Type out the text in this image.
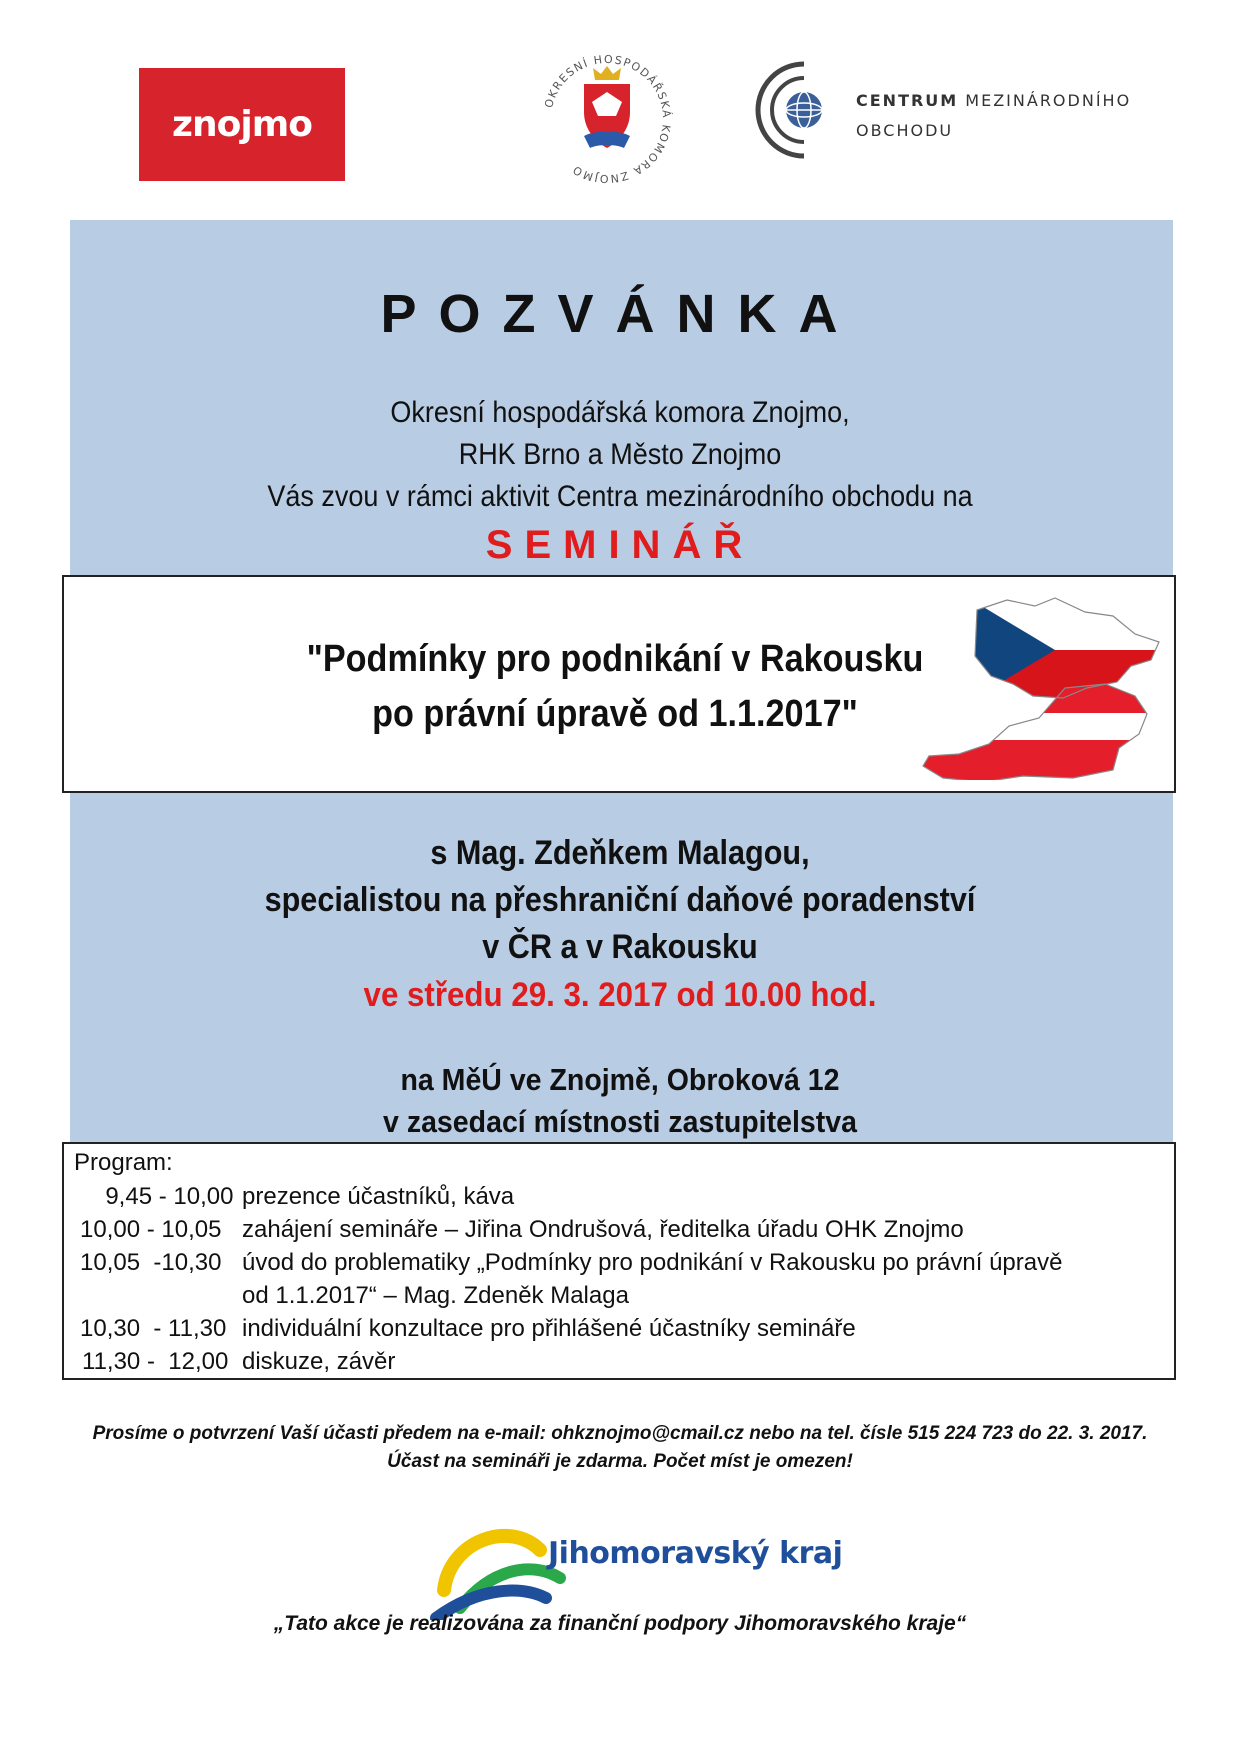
znojmo
OKRESNÍ HOSPODÁŘSKÁ KOMORA ZNOJMO
CENTRUM MEZINÁRODNÍHO
OBCHODU
POZVÁNKA
Okresní hospodářská komora Znojmo,
RHK Brno a Město Znojmo
Vás zvou v rámci aktivit Centra mezinárodního obchodu na
SEMINÁŘ
"Podmínky pro podnikání v Rakousku
po právní úpravě od 1.1.2017"
s Mag. Zdeňkem Malagou,
specialistou na přeshraniční daňové poradenství
v ČR a v Rakousku
ve středu 29. 3. 2017 od 10.00 hod.
na MěÚ ve Znojmě, Obroková 12
v zasedací místnosti zastupitelstva
Program:
9,45 - 10,00 prezence účastníků, káva
10,00 - 10,05 zahájení semináře – Jiřina Ondrušová, ředitelka úřadu OHK Znojmo
10,05  -10,30 úvod do problematiky „Podmínky pro podnikání v Rakousku po právní úpravě
od 1.1.2017“ – Mag. Zdeněk Malaga
10,30  - 11,30 individuální konzultace pro přihlášené účastníky semináře
11,30 -  12,00 diskuze, závěr
Prosíme o potvrzení Vaší účasti předem na e-mail: ohkznojmo@cmail.cz nebo na tel. čísle 515 224 723 do 22. 3. 2017.
Účast na semináři je zdarma. Počet míst je omezen!
Jihomoravský kraj
„Tato akce je realizována za finanční podpory Jihomoravského kraje“
